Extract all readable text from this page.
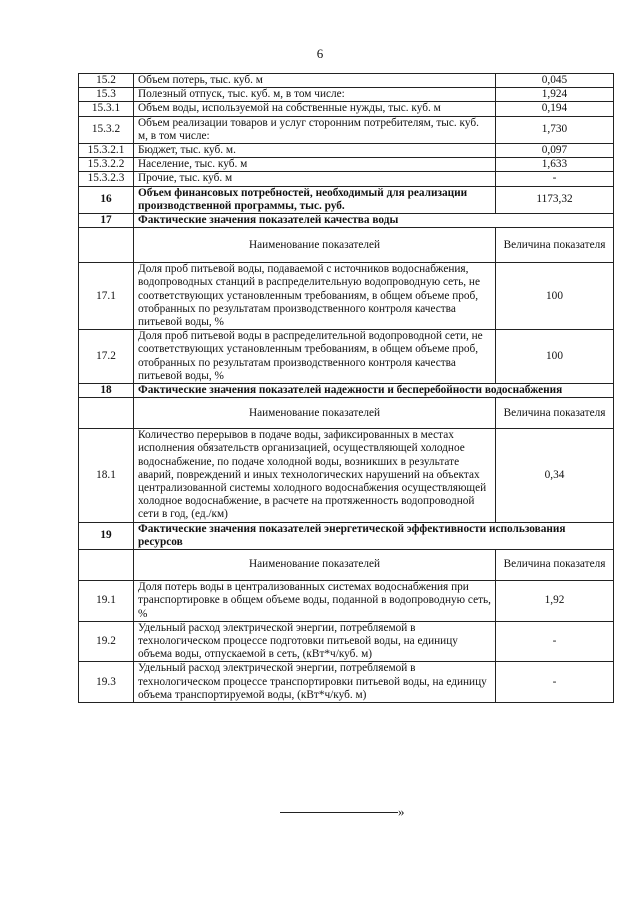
6
15.2	Объем потерь, тыс. куб. м	0,045
15.3	Полезный отпуск, тыс. куб. м, в том числе:	1,924
15.3.1	Объем воды, используемой на собственные нужды, тыс. куб. м	0,194
15.3.2	Объем реализации товаров и услуг сторонним потребителям, тыс. куб. м, в том числе:	1,730
15.3.2.1	Бюджет, тыс. куб. м.	0,097
15.3.2.2	Население, тыс. куб. м	1,633
15.3.2.3	Прочие, тыс. куб. м	-
16	Объем финансовых потребностей, необходимый для реализации производственной программы, тыс. руб.	1173,32
17	Фактические значения показателей качества воды	
	Наименование показателей	Величина показателя
17.1	Доля проб питьевой воды, подаваемой с источников водоснабжения, водопроводных станций в распределительную водопроводную сеть, не соответствующих установленным требованиям, в общем объеме проб, отобранных по результатам производственного контроля качества питьевой воды, %	100
17.2	Доля проб питьевой воды в распределительной водопроводной сети, не соответствующих установленным требованиям, в общем объеме проб, отобранных по результатам производственного контроля качества питьевой воды, %	100
18	Фактические значения показателей надежности и бесперебойности водоснабжения	
	Наименование показателей	Величина показателя
18.1	Количество перерывов в подаче воды, зафиксированных в местах исполнения обязательств организацией, осуществляющей холодное водоснабжение, по подаче холодной воды, возникших в результате аварий, повреждений и иных технологических нарушений на объектах централизованной системы холодного водоснабжения осуществляющей холодное водоснабжение, в расчете на протяженность водопроводной сети в год, (ед./км)	0,34
19	Фактические значения показателей энергетической эффективности использования ресурсов	
	Наименование показателей	Величина показателя
19.1	Доля потерь воды в централизованных системах водоснабжения при транспортировке в общем объеме воды, поданной в водопроводную сеть, %	1,92
19.2	Удельный расход электрической энергии, потребляемой в технологическом процессе подготовки питьевой воды, на единицу объема воды, отпускаемой в сеть, (кВт*ч/куб. м)	-
19.3	Удельный расход электрической энергии, потребляемой в технологическом процессе транспортировки питьевой воды, на единицу объема транспортируемой воды, (кВт*ч/куб. м)	-
»
